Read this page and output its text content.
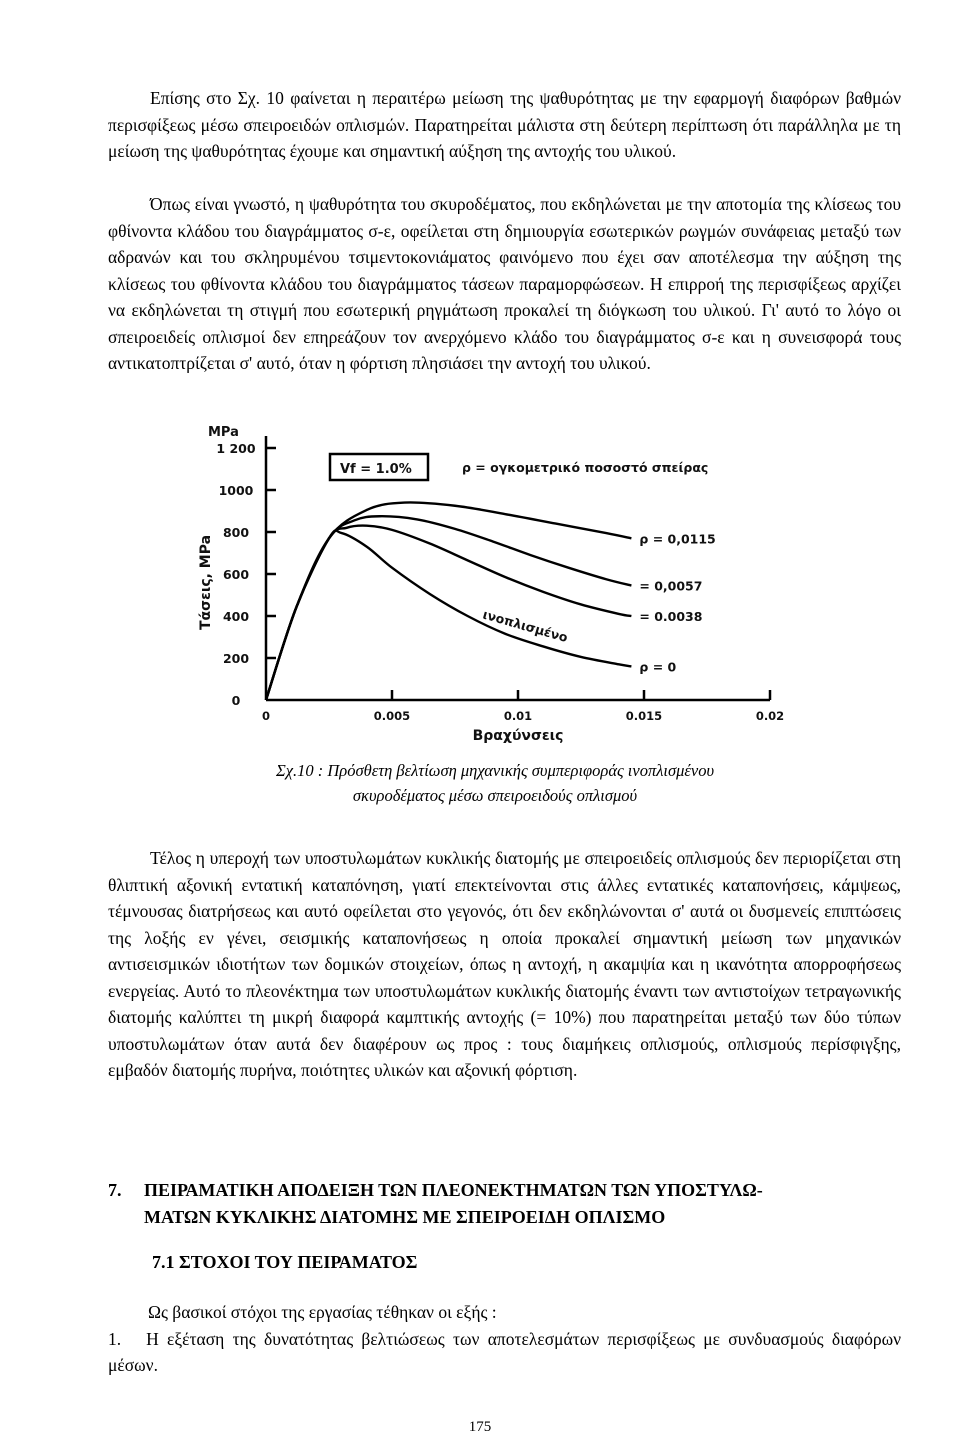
Επίσης στο Σχ. 10 φαίνεται η περαιτέρω μείωση της ψαθυρότητας με την εφαρμογή διαφόρων βαθμών περισφίξεως μέσω σπειροειδών οπλισμών. Παρατηρείται μάλιστα στη δεύτερη περίπτωση ότι παράλληλα με τη μείωση της ψαθυρότητας έχουμε και σημαντική αύξηση της αντοχής του υλικού.

Όπως είναι γνωστό, η ψαθυρότητα του σκυροδέματος, που εκδηλώνεται με την αποτομία της κλίσεως του φθίνοντα κλάδου του διαγράμματος σ-ε, οφείλεται στη δημιουργία εσωτερικών ρωγμών συνάφειας μεταξύ των αδρανών και του σκληρυμένου τσιμεντοκονιάματος φαινόμενο που έχει σαν αποτέλεσμα την αύξηση της κλίσεως του φθίνοντα κλάδου του διαγράμματος τάσεων παραμορφώσεων. Η επιρροή της περισφίξεως αρχίζει να εκδηλώνεται τη στιγμή που εσωτερική ρηγμάτωση προκαλεί τη διόγκωση του υλικού. Γι' αυτό το λόγο οι σπειροειδείς οπλισμοί δεν επηρεάζουν τον ανερχόμενο κλάδο του διαγράμματος σ-ε και η συνεισφορά τους αντικατοπτρίζεται σ' αυτό, όταν η φόρτιση πλησιάσει την αντοχή του υλικού.

0
200
400
600
800
1000
1 200
0	0.005	0.01	0.015	0.02
ρ = 0,0115
= 0,0057
= 0.0038
ρ = 0
MPa
Τάσεις, MPa
Βραχύνσεις
Vf = 1.0%	ρ = ογκομετρικό ποσοστό σπείρας
ινοπλισμένο
Σχ.10 : Πρόσθετη βελτίωση μηχανικής συμπεριφοράς ινοπλισμένου
σκυροδέματος μέσω σπειροειδούς οπλισμού

Τέλος η υπεροχή των υποστυλωμάτων κυκλικής διατομής με σπειροειδείς οπλισμούς δεν περιορίζεται στη θλιπτική αξονική εντατική καταπόνηση, γιατί επεκτείνονται στις άλλες εντατικές καταπονήσεις, κάμψεως, τέμνουσας διατρήσεως και αυτό οφείλεται στο γεγονός, ότι δεν εκδηλώνονται σ' αυτά οι δυσμενείς επιπτώσεις της λοξής εν γένει, σεισμικής καταπονήσεως η οποία προκαλεί σημαντική μείωση των μηχανικών αντισεισμικών ιδιοτήτων των δομικών στοιχείων, όπως η αντοχή, η ακαμψία και η ικανότητα απορροφήσεως ενεργείας. Αυτό το πλεονέκτημα των υποστυλωμάτων κυκλικής διατομής έναντι των αντιστοίχων τετραγωνικής διατομής καλύπτει τη μικρή διαφορά καμπτικής αντοχής (= 10%) που παρατηρείται μεταξύ των δύο τύπων υποστυλωμάτων όταν αυτά δεν διαφέρουν ως προς : τους διαμήκεις οπλισμούς, οπλισμούς περίσφιγξης, εμβαδόν διατομής πυρήνα, ποιότητες υλικών και αξονική φόρτιση.

7. ΠΕΙΡΑΜΑΤΙΚΗ ΑΠΟΔΕΙΞΗ ΤΩΝ ΠΛΕΟΝΕΚΤΗΜΑΤΩΝ ΤΩΝ ΥΠΟΣΤΥΛΩ-
ΜΑΤΩΝ ΚΥΚΛΙΚΗΣ ΔΙΑΤΟΜΗΣ ΜΕ ΣΠΕΙΡΟΕΙΔΗ ΟΠΛΙΣΜΟ
7.1 ΣΤΟΧΟΙ ΤΟΥ ΠΕΙΡΑΜΑΤΟΣ
Ως βασικοί στόχοι της εργασίας τέθηκαν οι εξής :
1. Η εξέταση της δυνατότητας βελτιώσεως των αποτελεσμάτων περισφίξεως με συνδυασμούς διαφόρων μέσων.
175
